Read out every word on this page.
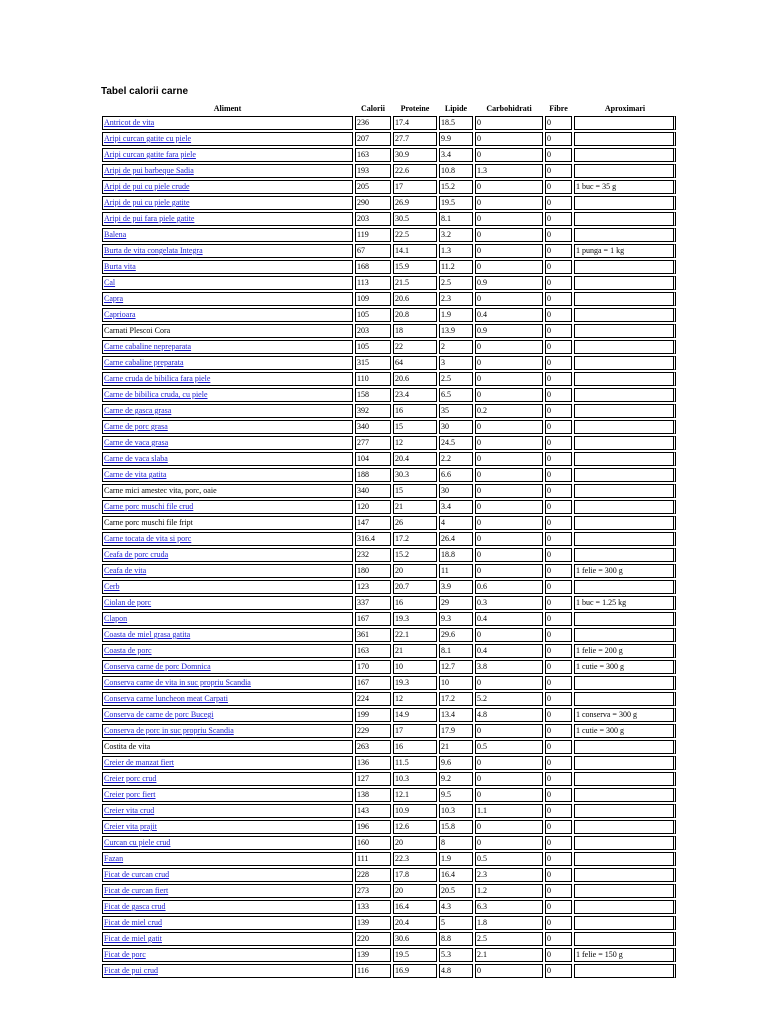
Tabel calorii carne
Aliment	Calorii	Proteine	Lipide	Carbohidrati	Fibre	Aproximari
Antricot de vita	236	17.4	18.5	0	0	
Aripi curcan gatite cu piele	207	27.7	9.9	0	0	
Aripi curcan gatite fara piele	163	30.9	3.4	0	0	
Aripi de pui barbeque Sadia	193	22.6	10.8	1.3	0	
Aripi de pui cu piele crude	205	17	15.2	0	0	1 buc = 35 g
Aripi de pui cu piele gatite	290	26.9	19.5	0	0	
Aripi de pui fara piele gatite	203	30.5	8.1	0	0	
Balena	119	22.5	3.2	0	0	
Burta de vita congelata Integra	67	14.1	1.3	0	0	1 punga = 1 kg
Burta vita	168	15.9	11.2	0	0	
Cal	113	21.5	2.5	0.9	0	
Capra	109	20.6	2.3	0	0	
Caprioara	105	20.8	1.9	0.4	0	
Carnati Plescoi Cora	203	18	13.9	0.9	0	
Carne cabaline nepreparata	105	22	2	0	0	
Carne cabaline preparata	315	64	3	0	0	
Carne cruda de bibilica fara piele	110	20.6	2.5	0	0	
Carne de bibilica cruda, cu piele	158	23.4	6.5	0	0	
Carne de gasca grasa	392	16	35	0.2	0	
Carne de porc grasa	340	15	30	0	0	
Carne de vaca grasa	277	12	24.5	0	0	
Carne de vaca slaba	104	20.4	2.2	0	0	
Carne de vita gatita	188	30.3	6.6	0	0	
Carne mici amestec vita, porc, oaie	340	15	30	0	0	
Carne porc muschi file crud	120	21	3.4	0	0	
Carne porc muschi file fript	147	26	4	0	0	
Carne tocata de vita si porc	316.4	17.2	26.4	0	0	
Ceafa de porc cruda	232	15.2	18.8	0	0	
Ceafa de vita	180	20	11	0	0	1 felie = 300 g
Cerb	123	20.7	3.9	0.6	0	
Ciolan de porc	337	16	29	0.3	0	1 buc = 1.25 kg
Clapon	167	19.3	9.3	0.4	0	
Coasta de miel grasa gatita	361	22.1	29.6	0	0	
Coasta de porc	163	21	8.1	0.4	0	1 felie = 200 g
Conserva carne de porc Domnica	170	10	12.7	3.8	0	1 cutie = 300 g
Conserva carne de vita in suc propriu Scandia	167	19.3	10	0	0	
Conserva carne luncheon meat Carpati	224	12	17.2	5.2	0	
Conserva de carne de porc Bucegi	199	14.9	13.4	4.8	0	1 conserva = 300 g
Conserva de porc in suc propriu Scandia	229	17	17.9	0	0	1 cutie = 300 g
Costita de vita	263	16	21	0.5	0	
Creier de manzat fiert	136	11.5	9.6	0	0	
Creier porc crud	127	10.3	9.2	0	0	
Creier porc fiert	138	12.1	9.5	0	0	
Creier vita crud	143	10.9	10.3	1.1	0	
Creier vita prajit	196	12.6	15.8	0	0	
Curcan cu piele crud	160	20	8	0	0	
Fazan	111	22.3	1.9	0.5	0	
Ficat de curcan crud	228	17.8	16.4	2.3	0	
Ficat de curcan fiert	273	20	20.5	1.2	0	
Ficat de gasca crud	133	16.4	4.3	6.3	0	
Ficat de miel crud	139	20.4	5	1.8	0	
Ficat de miel gatit	220	30.6	8.8	2.5	0	
Ficat de porc	139	19.5	5.3	2.1	0	1 felie = 150 g
Ficat de pui crud	116	16.9	4.8	0	0	
